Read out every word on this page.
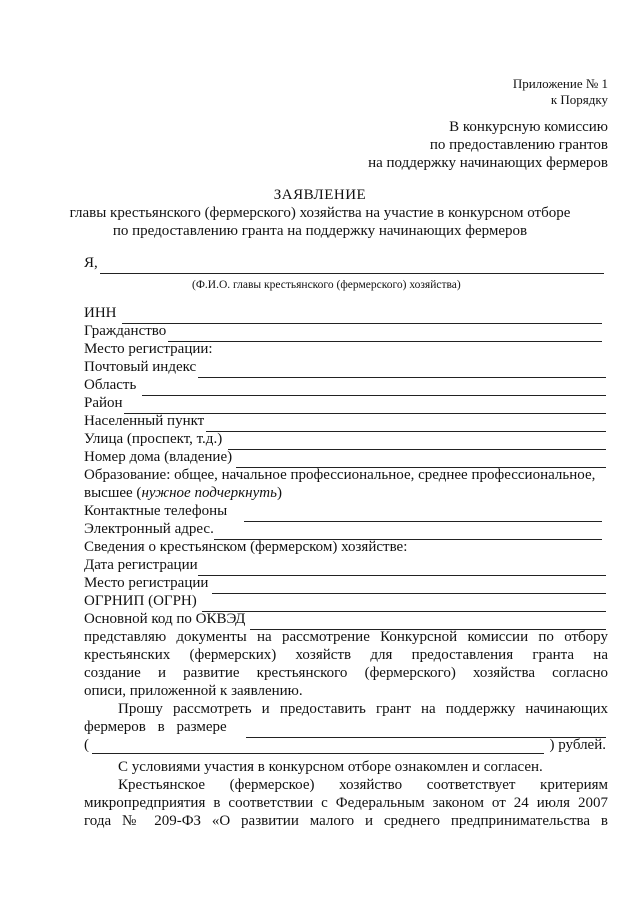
Приложение № 1
к Порядку
В конкурсную комиссию
по предоставлению грантов
на поддержку начинающих фермеров
ЗАЯВЛЕНИЕ
главы крестьянского (фермерского) хозяйства на участие в конкурсном отборе
по предоставлению гранта на поддержку начинающих фермеров
Я,
(Ф.И.О. главы крестьянского (фермерского) хозяйства)
ИНН
Гражданство
Место регистрации:
Почтовый индекс
Область
Район
Населенный пункт
Улица (проспект, т.д.)
Номер дома (владение)
Образование: общее, начальное профессиональное, среднее профессиональное,
высшее (нужное подчеркнуть)
Контактные телефоны
Электронный адрес.
Сведения о крестьянском (фермерском) хозяйстве:
Дата регистрации
Место регистрации
ОГРНИП (ОГРН)
Основной код по ОКВЭД
представляю документы на рассмотрение Конкурсной комиссии по отбору
крестьянских (фермерских) хозяйств для предоставления гранта на
создание и развитие крестьянского (фермерского) хозяйства согласно
описи, приложенной к заявлению.
Прошу рассмотреть и предоставить грант на поддержку начинающих
фермеров в размере
(	) рублей.
С условиями участия в конкурсном отборе ознакомлен и согласен.
Крестьянское (фермерское) хозяйство соответствует критериям
микропредприятия в соответствии с Федеральным законом от 24 июля 2007
года № 209-ФЗ «О развитии малого и среднего предпринимательства в
